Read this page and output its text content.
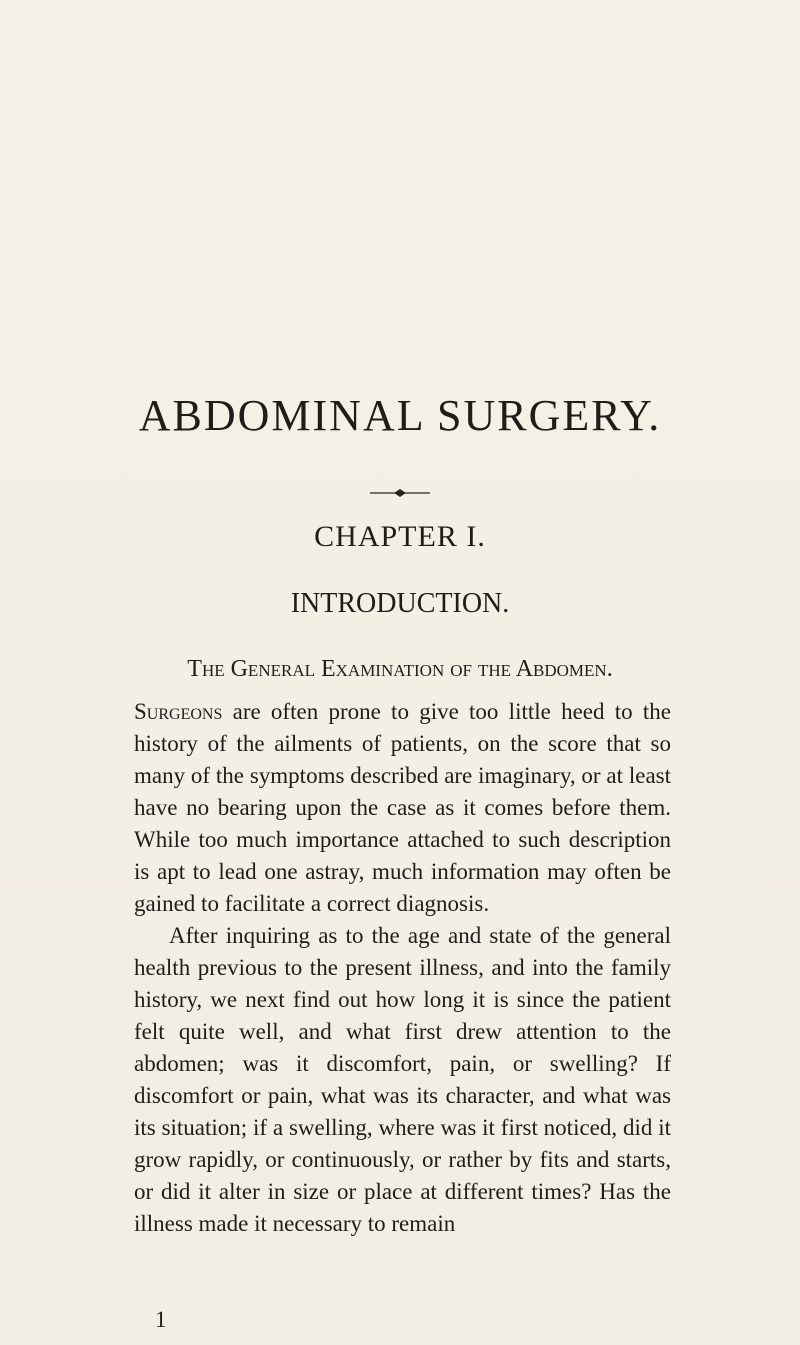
ABDOMINAL SURGERY.
CHAPTER I.
INTRODUCTION.
The General Examination of the Abdomen.

Surgeons are often prone to give too little heed to the history of the ailments of patients, on the score that so many of the symptoms described are imaginary, or at least have no bearing upon the case as it comes before them. While too much importance attached to such description is apt to lead one astray, much information may often be gained to facilitate a correct diagnosis.

After inquiring as to the age and state of the general health previous to the present illness, and into the family history, we next find out how long it is since the patient felt quite well, and what first drew attention to the abdomen; was it discomfort, pain, or swelling? If discomfort or pain, what was its character, and what was its situation; if a swelling, where was it first noticed, did it grow rapidly, or continuously, or rather by fits and starts, or did it alter in size or place at different times? Has the illness made it necessary to remain

1
